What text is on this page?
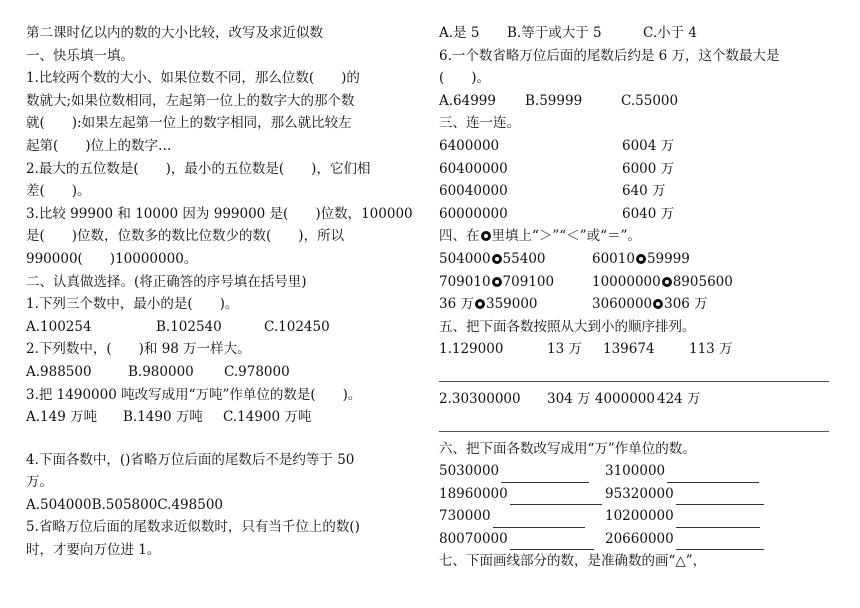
第二课时亿以内的数的大小比较，改写及求近似数
一、快乐填一填。
1.比较两个数的大小、如果位数不同，那么位数(　　)的
数就大;如果位数相同，左起第一位上的数字大的那个数
就(　　):如果左起第一位上的数字相同，那么就比较左
起第(　　)位上的数字…
2.最大的五位数是(　　)，最小的五位数是(　　)，它们相
差(　　)。
3.比较 99900 和 10000 因为 999000 是(　　)位数，100000
是(　　)位数，位数多的数比位数少的数(　　)，所以
990000(　　)10000000。
二、认真做选择。(将正确答的序号填在括号里)
1.下列三个数中，最小的是(　　)。
A.100254	B.102540	C.102450
2.下列数中，(　　)和 98 万一样大。
A.988500	B.980000 C.978000
3.把 1490000 吨改写成用“万吨”作单位的数是(　　)。
A.149 万吨 B.1490 万吨 C.14900 万吨
4.下面各数中，()省略万位后面的尾数后不是约等于 50
万。
A.504000B.505800C.498500
5.省略万位后面的尾数求近似数时，只有当千位上的数()
时，才要向万位进 1。
A.是 5 B.等于或大于 5	C.小于 4
6.一个数省略万位后面的尾数后约是 6 万，这个数最大是
(　　)。
A.64999 B.59999	C.55000
三、连一连。
6400000	6004 万
60400000	6000 万
60040000	640 万
60000000	6040 万
四、在 里填上“＞”“＜”或“＝”。
504000 55400	60010 59999
709010 709100	10000000 8905600
36 万 359000	3060000 306 万
五、把下面各数按照从大到小的顺序排列。
1.129000	13 万	139674	113 万
2.30300000	304 万 4000000 424 万
六、把下面各数改写成用“万”作单位的数。
5030000	3100000
18960000	95320000
730000	10200000
80070000	20660000
七、下面画线部分的数，是准确数的画“△”，
